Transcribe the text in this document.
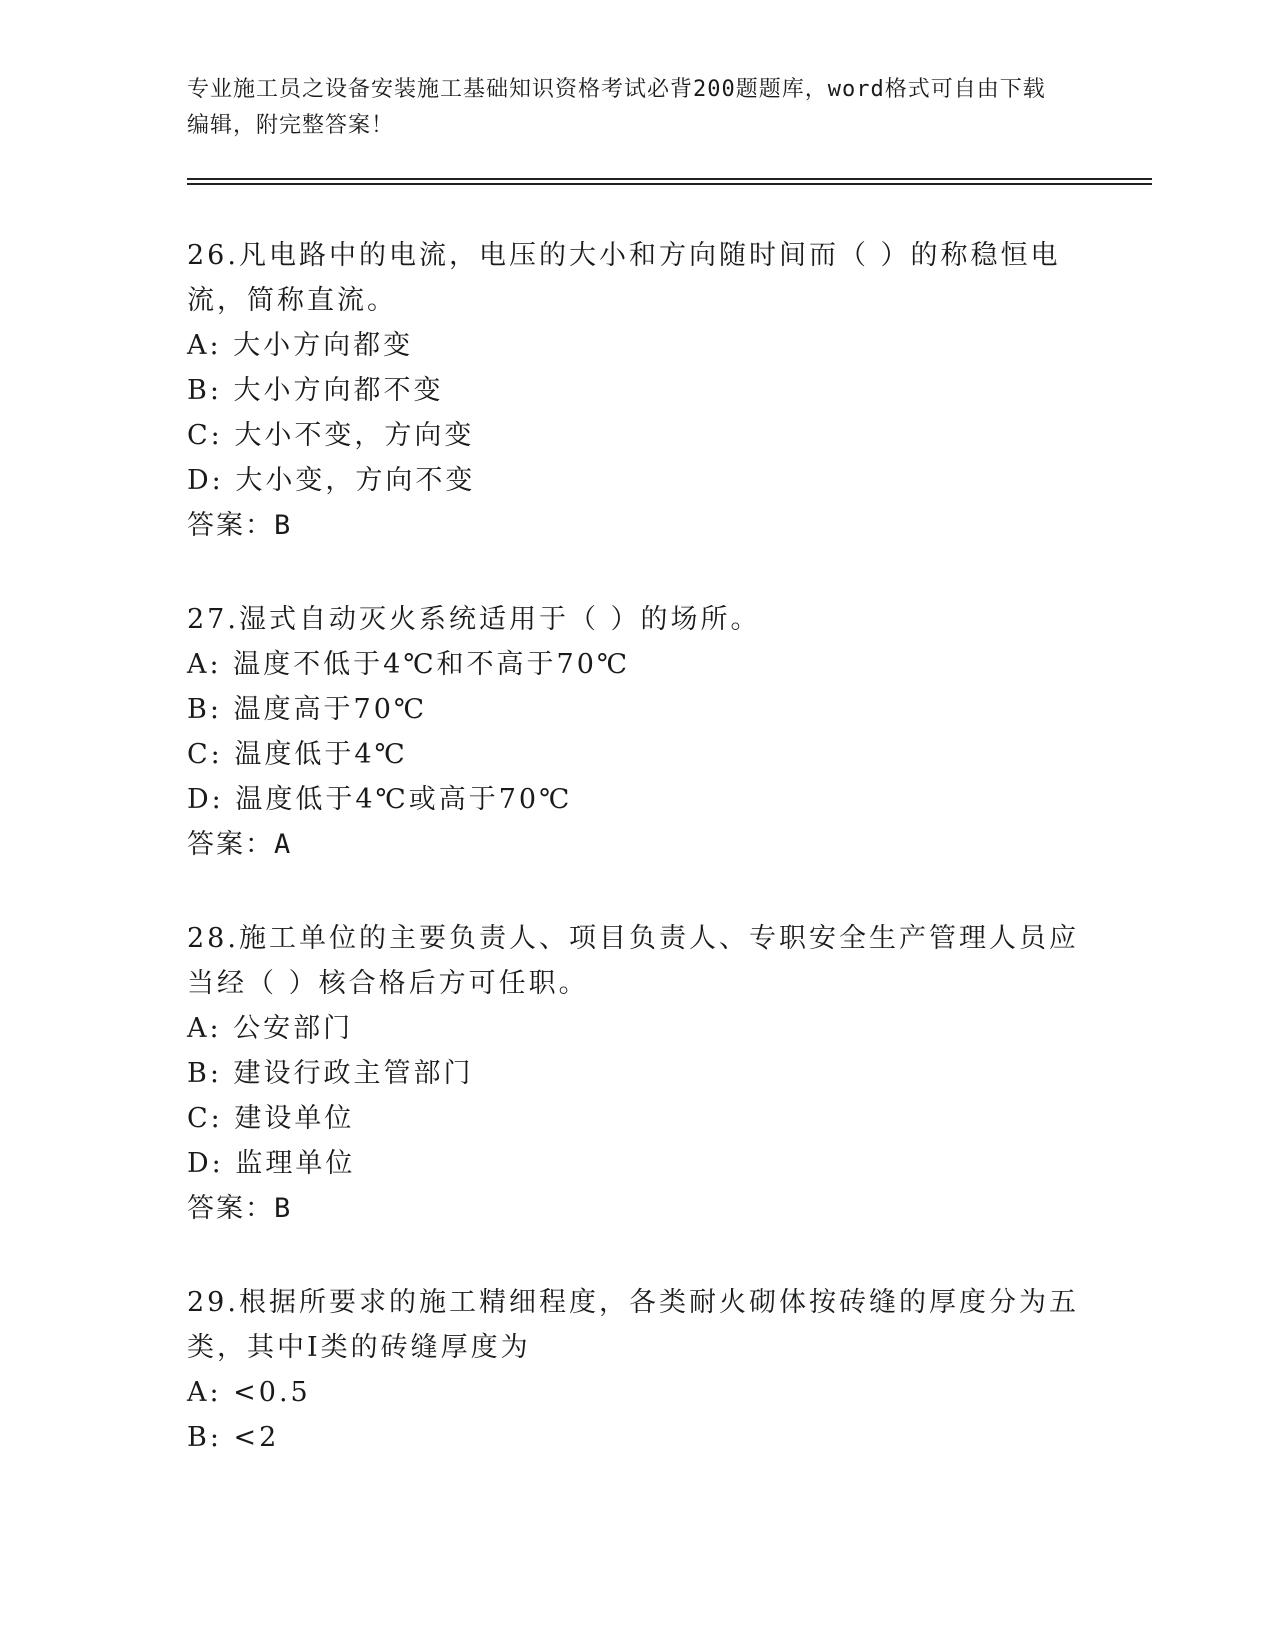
专业施工员之设备安装施工基础知识资格考试必背200题题库，word格式可自由下载编辑，附完整答案！

26.凡电路中的电流，电压的大小和方向随时间而（ ）的称稳恒电流，简称直流。

A: 大小方向都变
B: 大小方向都不变
C: 大小不变，方向变
D: 大小变，方向不变
答案：B

27.湿式自动灭火系统适用于（ ）的场所。

A: 温度不低于4℃和不高于70℃
B: 温度高于70℃
C: 温度低于4℃
D: 温度低于4℃或高于70℃
答案：A

28.施工单位的主要负责人、项目负责人、专职安全生产管理人员应当经（ ）核合格后方可任职。

A: 公安部门
B: 建设行政主管部门
C: 建设单位
D: 监理单位
答案：B

29.根据所要求的施工精细程度，各类耐火砌体按砖缝的厚度分为五类，其中Ⅰ类的砖缝厚度为

A: <0.5
B: <2
